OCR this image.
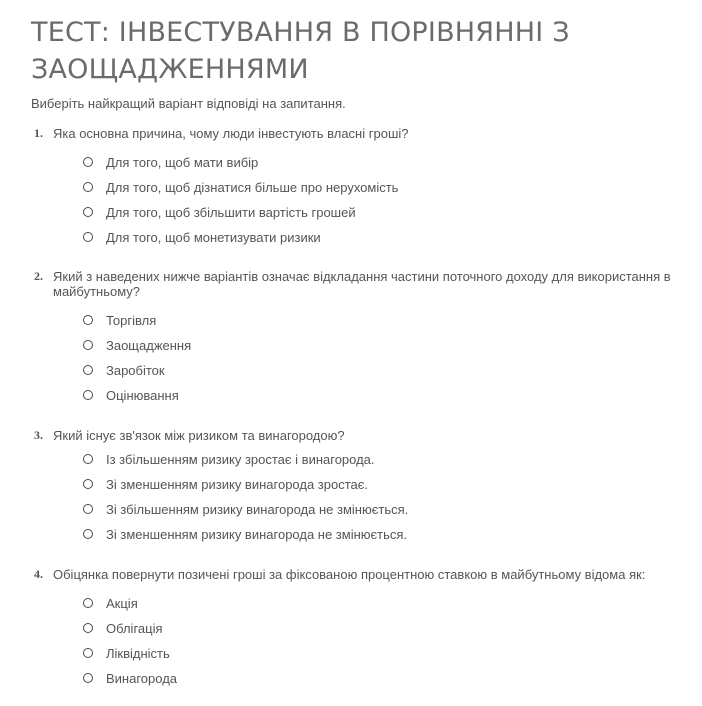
ТЕСТ: ІНВЕСТУВАННЯ В ПОРІВНЯННІ З ЗАОЩАДЖЕННЯМИ

Виберіть найкращий варіант відповіді на запитання.

1. Яка основна причина, чому люди інвестують власні гроші?
Для того, щоб мати вибір
Для того, щоб дізнатися більше про нерухомість
Для того, щоб збільшити вартість грошей
Для того, щоб монетизувати ризики
2. Який з наведених нижче варіантів означає відкладання частини поточного доходу для використання в майбутньому?
Торгівля
Заощадження
Заробіток
Оцінювання
3. Який існує зв'язок між ризиком та винагородою?
Із збільшенням ризику зростає і винагорода.
Зі зменшенням ризику винагорода зростає.
Зі збільшенням ризику винагорода не змінюється.
Зі зменшенням ризику винагорода не змінюється.
4. Обіцянка повернути позичені гроші за фіксованою процентною ставкою в майбутньому відома як:
Акція
Облігація
Ліквідність
Винагорода
